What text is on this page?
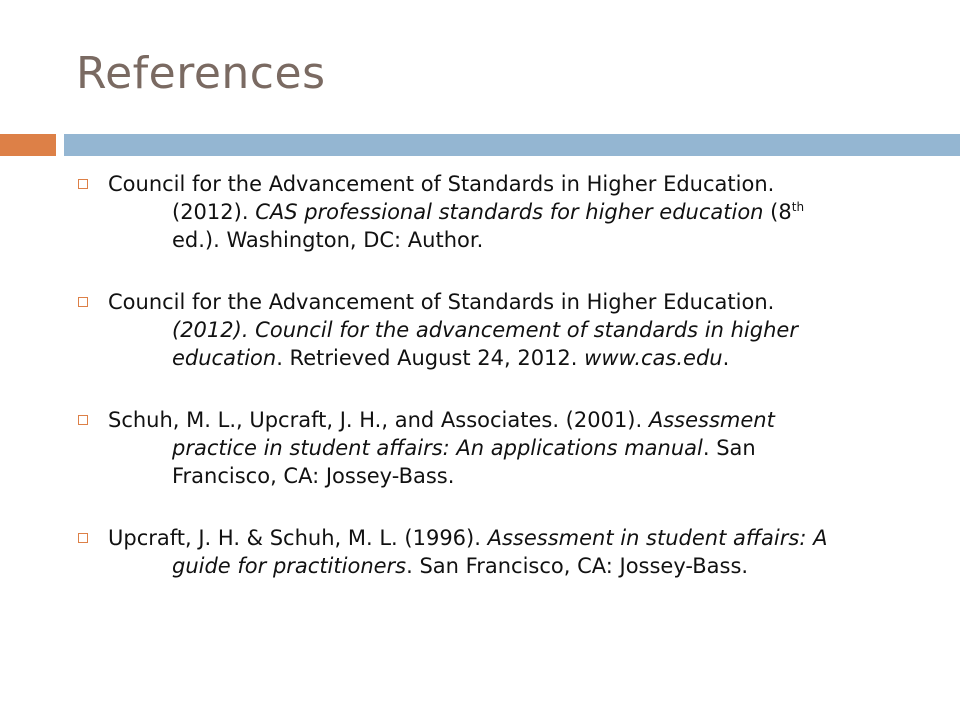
References
Council for the Advancement of Standards in Higher Education.
(2012). CAS professional standards for higher education (8th
ed.). Washington, DC: Author.
Council for the Advancement of Standards in Higher Education.
(2012). Council for the advancement of standards in higher
education. Retrieved August 24, 2012. www.cas.edu.
Schuh, M. L., Upcraft, J. H., and Associates. (2001). Assessment
practice in student affairs: An applications manual. San
Francisco, CA: Jossey-Bass.
Upcraft, J. H. & Schuh, M. L. (1996). Assessment in student affairs: A
guide for practitioners. San Francisco, CA: Jossey-Bass.
